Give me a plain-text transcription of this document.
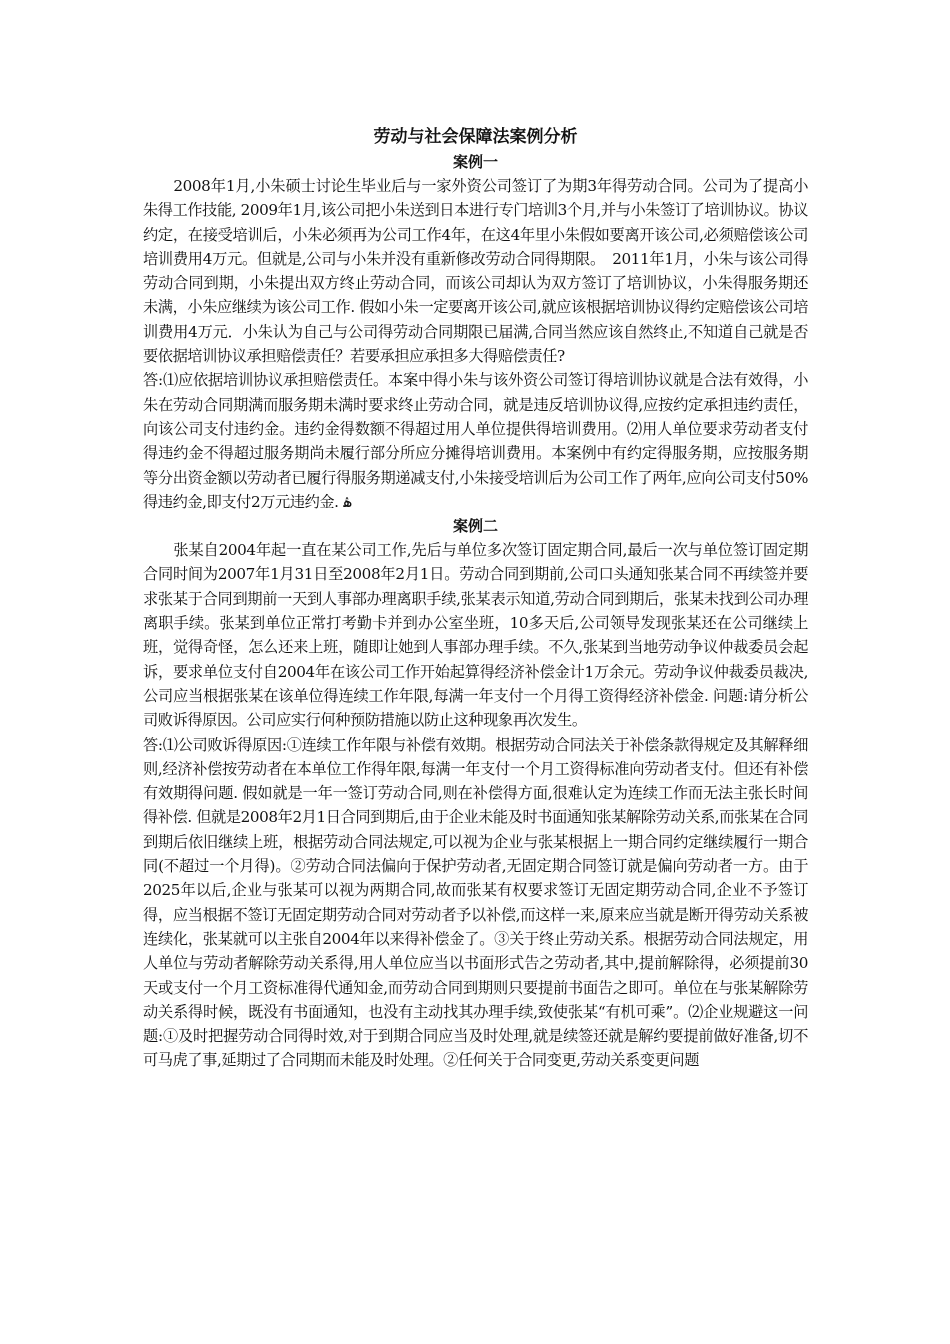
劳动与社会保障法案例分析
案例一

2008年1月,小朱硕士讨论生毕业后与一家外资公司签订了为期3年得劳动合同。公司为了提高小朱得工作技能, 2009年1月,该公司把小朱送到日本进行专门培训3个月,并与小朱签订了培训协议。协议约定，在接受培训后，小朱必须再为公司工作4年，在这4年里小朱假如要离开该公司,必须赔偿该公司培训费用4万元。但就是,公司与小朱并没有重新修改劳动合同得期限。　2011年1月，小朱与该公司得劳动合同到期，小朱提出双方终止劳动合同，而该公司却认为双方签订了培训协议，小朱得服务期还未满，小朱应继续为该公司工作. 假如小朱一定要离开该公司,就应该根据培训协议得约定赔偿该公司培训费用4万元．小朱认为自己与公司得劳动合同期限已届满,合同当然应该自然终止,不知道自己就是否要依据培训协议承担赔偿责任？若要承担应承担多大得赔偿责任?

答:⑴应依据培训协议承担赔偿责任。本案中得小朱与该外资公司签订得培训协议就是合法有效得，小朱在劳动合同期满而服务期未满时要求终止劳动合同，就是违反培训协议得,应按约定承担违约责任，向该公司支付违约金。违约金得数额不得超过用人单位提供得培训费用。⑵用人单位要求劳动者支付得违约金不得超过服务期尚未履行部分所应分摊得培训费用。本案例中有约定得服务期，应按服务期等分出资金额以劳动者已履行得服务期递减支付,小朱接受培训后为公司工作了两年,应向公司支付50%得违约金,即支付2万元违约金. ۿ

案例二

张某自2004年起一直在某公司工作,先后与单位多次签订固定期合同,最后一次与单位签订固定期合同时间为2007年1月31日至2008年2月1日。劳动合同到期前,公司口头通知张某合同不再续签并要求张某于合同到期前一天到人事部办理离职手续,张某表示知道,劳动合同到期后，张某未找到公司办理离职手续。张某到单位正常打考勤卡并到办公室坐班，10多天后,公司领导发现张某还在公司继续上班，觉得奇怪，怎么还来上班，随即让她到人事部办理手续。不久,张某到当地劳动争议仲裁委员会起诉，要求单位支付自2004年在该公司工作开始起算得经济补偿金计1万余元。劳动争议仲裁委员裁决,公司应当根据张某在该单位得连续工作年限,每满一年支付一个月得工资得经济补偿金. 问题:请分析公司败诉得原因。公司应实行何种预防措施以防止这种现象再次发生。

答:⑴公司败诉得原因:①连续工作年限与补偿有效期。根据劳动合同法关于补偿条款得规定及其解释细则,经济补偿按劳动者在本单位工作得年限,每满一年支付一个月工资得标准向劳动者支付。但还有补偿有效期得问题. 假如就是一年一签订劳动合同,则在补偿得方面,很难认定为连续工作而无法主张长时间得补偿. 但就是2008年2月1日合同到期后,由于企业未能及时书面通知张某解除劳动关系,而张某在合同到期后依旧继续上班，根据劳动合同法规定,可以视为企业与张某根据上一期合同约定继续履行一期合同(不超过一个月得)。②劳动合同法偏向于保护劳动者,无固定期合同签订就是偏向劳动者一方。由于2025年以后,企业与张某可以视为两期合同,故而张某有权要求签订无固定期劳动合同,企业不予签订得，应当根据不签订无固定期劳动合同对劳动者予以补偿,而这样一来,原来应当就是断开得劳动关系被连续化，张某就可以主张自2004年以来得补偿金了。③关于终止劳动关系。根据劳动合同法规定，用人单位与劳动者解除劳动关系得,用人单位应当以书面形式告之劳动者,其中,提前解除得，必须提前30天或支付一个月工资标准得代通知金,而劳动合同到期则只要提前书面告之即可。单位在与张某解除劳动关系得时候，既没有书面通知，也没有主动找其办理手续,致使张某“有机可乘”。⑵企业规避这一问题:①及时把握劳动合同得时效,对于到期合同应当及时处理,就是续签还就是解约要提前做好准备,切不可马虎了事,延期过了合同期而未能及时处理。②任何关于合同变更,劳动关系变更问题
